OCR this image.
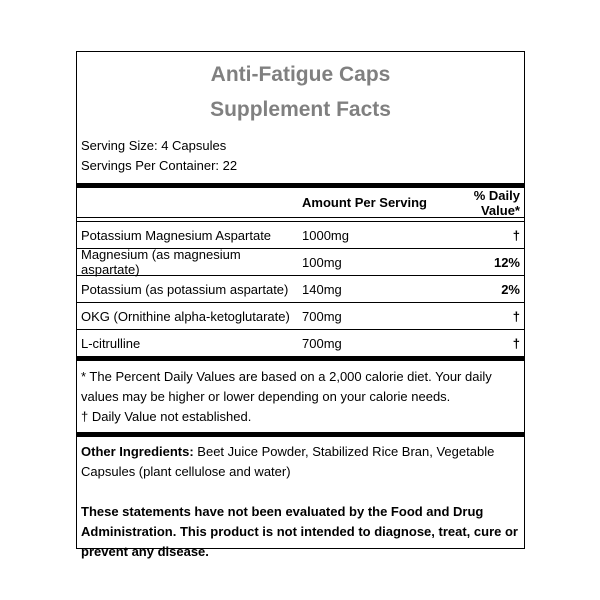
Anti-Fatigue Caps
Supplement Facts
Serving Size: 4 Capsules
Servings Per Container: 22
Amount Per Serving	% Daily Value*
Potassium Magnesium Aspartate	1000mg	†
Magnesium (as magnesium aspartate)	100mg	12%
Potassium (as potassium aspartate)	140mg	2%
OKG (Ornithine alpha-ketoglutarate) 700mg	†
L-citrulline	700mg	†
* The Percent Daily Values are based on a 2,000 calorie diet. Your daily values may be higher or lower depending on your calorie needs.
† Daily Value not established.
Other Ingredients: Beet Juice Powder, Stabilized Rice Bran, Vegetable Capsules (plant cellulose and water)
These statements have not been evaluated by the Food and Drug Administration. This product is not intended to diagnose, treat, cure or prevent any disease.
